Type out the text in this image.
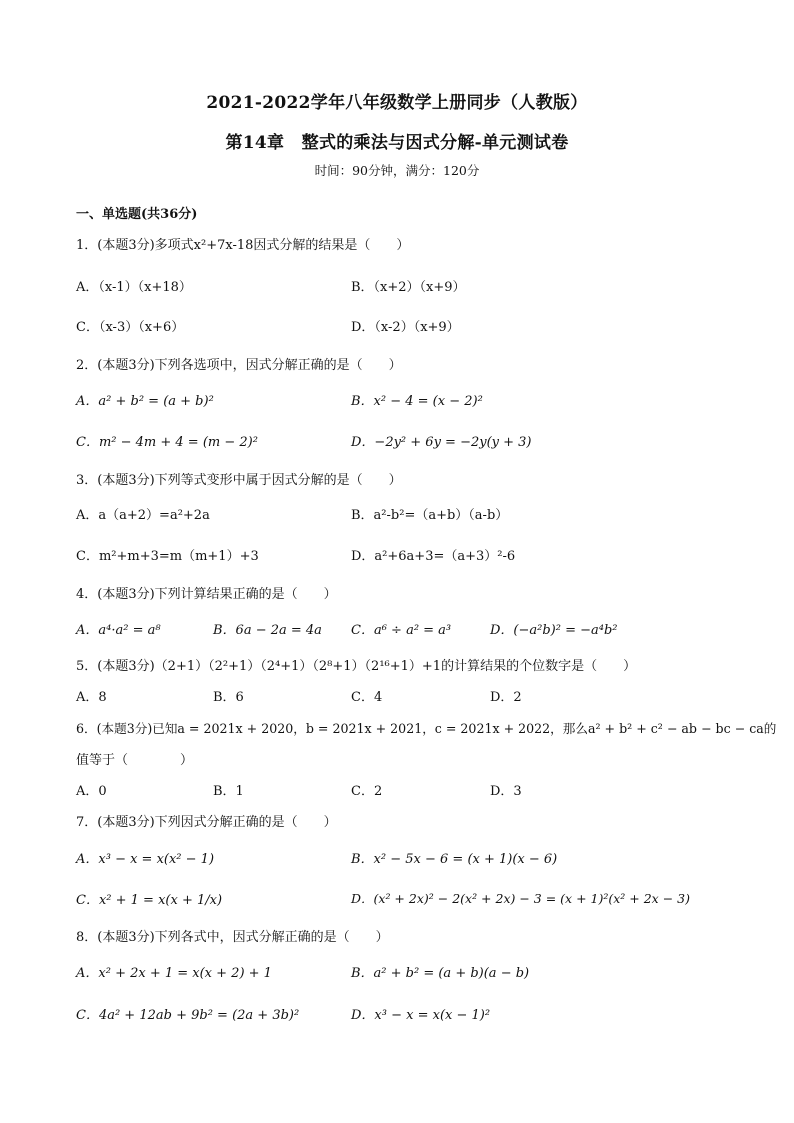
2021-2022学年八年级数学上册同步（人教版）
第14章　整式的乘法与因式分解-单元测试卷
时间：90分钟，满分：120分
一、单选题(共36分)
1．(本题3分)多项式x²+7x-18因式分解的结果是（　　）
A．（x-1）（x+18）	B．（x+2）（x+9）
C．（x-3）（x+6）	D．（x-2）（x+9）
2．(本题3分)下列各选项中，因式分解正确的是（　　）
A．a² + b² = (a + b)²	B．x² − 4 = (x − 2)²
C．m² − 4m + 4 = (m − 2)²	D．−2y² + 6y = −2y(y + 3)
3．(本题3分)下列等式变形中属于因式分解的是（　　）
A．a（a+2）=a²+2a	B．a²-b²=（a+b）（a-b）
C．m²+m+3=m（m+1）+3	D．a²+6a+3=（a+3）²-6
4．(本题3分)下列计算结果正确的是（　　）
A．a⁴·a² = a⁸	B．6a − 2a = 4a C．a⁶ ÷ a² = a³	D．(−a²b)² = −a⁴b²
5．(本题3分)（2+1）（2²+1）（2⁴+1）（2⁸+1）（2¹⁶+1）+1的计算结果的个位数字是（　　）
A．8	B．6	C．4	D．2
6．(本题3分)已知a = 2021x + 2020，b = 2021x + 2021，c = 2021x + 2022，那么a² + b² + c² − ab − bc − ca的
值等于（　　　　）
A．0	B．1	C．2	D．3
7．(本题3分)下列因式分解正确的是（　　）
A．x³ − x = x(x² − 1)	B．x² − 5x − 6 = (x + 1)(x − 6)
C．x² + 1 = x(x + 1/x)	D．(x² + 2x)² − 2(x² + 2x) − 3 = (x + 1)²(x² + 2x − 3)
8．(本题3分)下列各式中，因式分解正确的是（　　）
A．x² + 2x + 1 = x(x + 2) + 1	B．a² + b² = (a + b)(a − b)
C．4a² + 12ab + 9b² = (2a + 3b)²	D．x³ − x = x(x − 1)²
